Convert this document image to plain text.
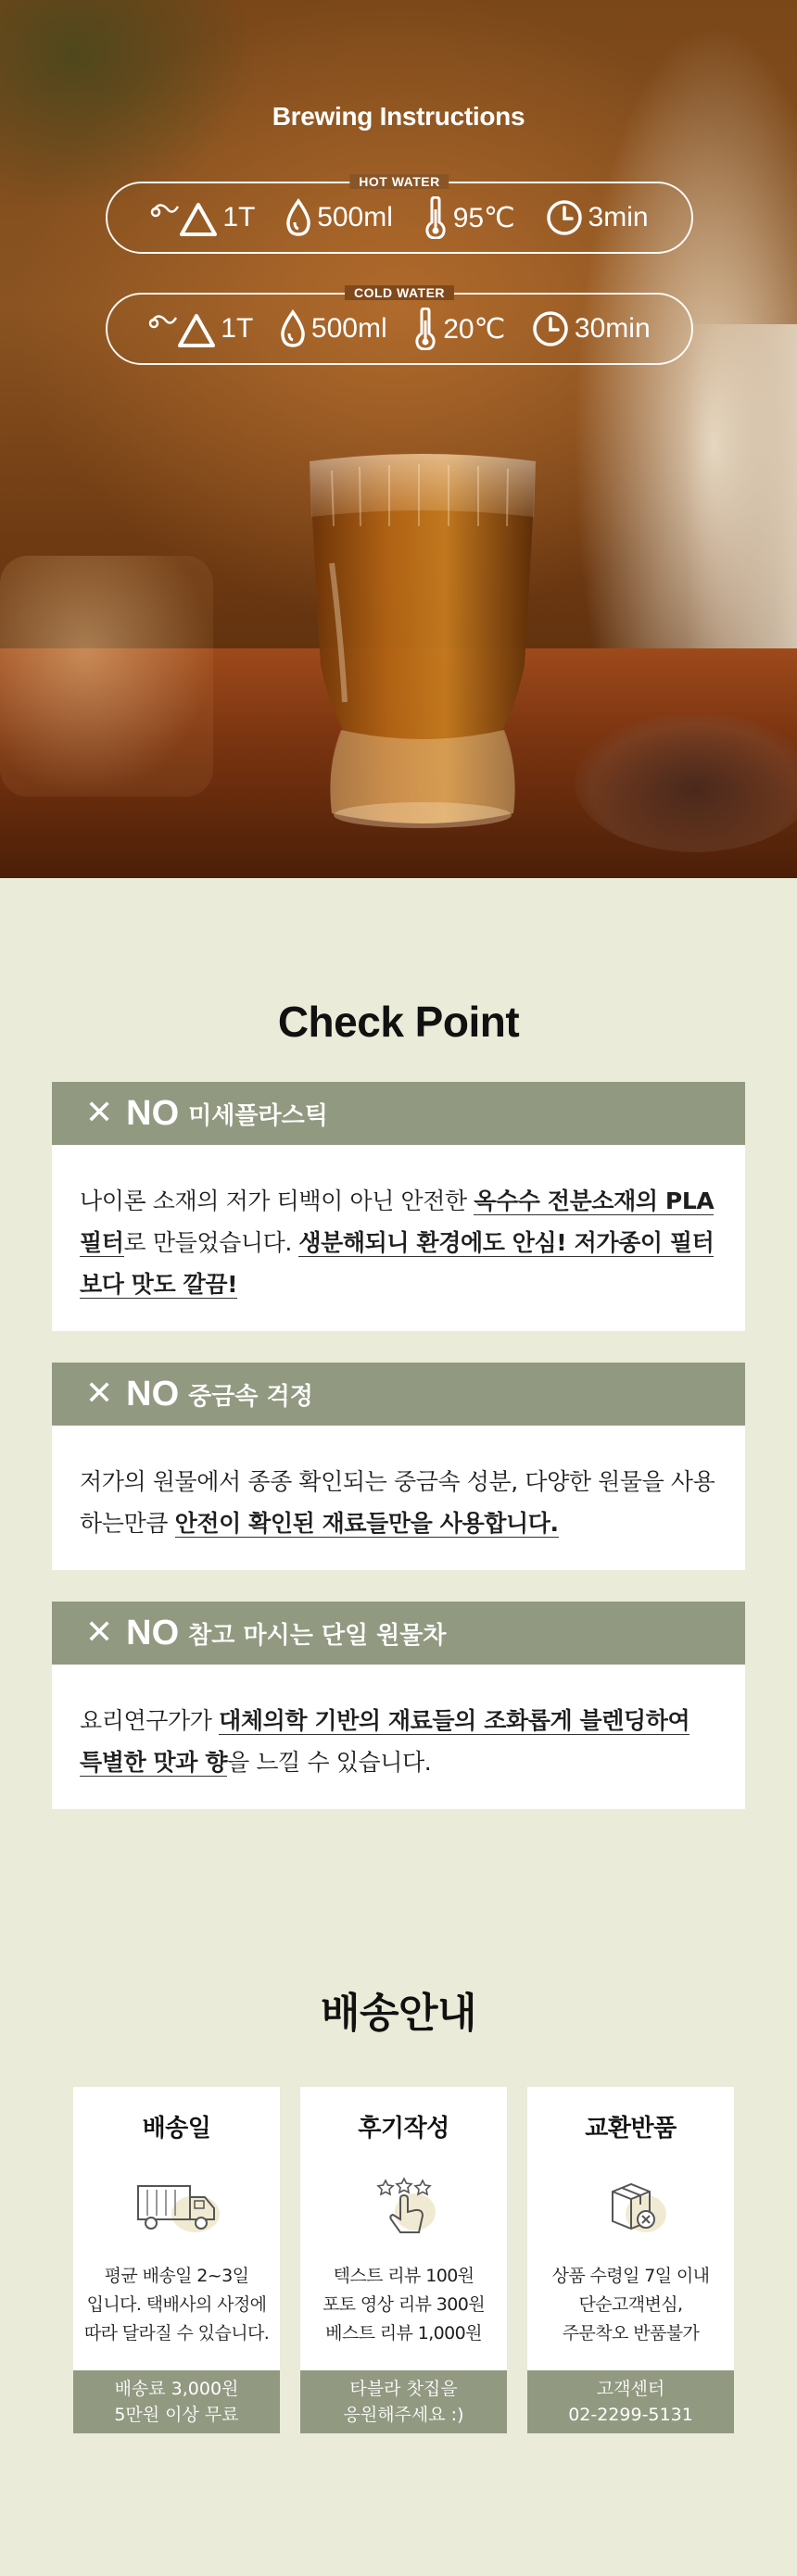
Brewing Instructions
HOT WATER
1T 500ml 95℃	3min
COLD WATER
1T 500ml 20℃ 30min
Check Point
✕ NO 미세플라스틱
나이론 소재의 저가 티백이 아닌 안전한 옥수수 전분소재의 PLA 필터로 만들었습니다. 생분해되니 환경에도 안심! 저가종이 필터보다 맛도 깔끔!
✕ NO 중금속 걱정
저가의 원물에서 종종 확인되는 중금속 성분, 다양한 원물을 사용하는만큼 안전이 확인된 재료들만을 사용합니다.
✕ NO 참고 마시는 단일 원물차
요리연구가가 대체의학 기반의 재료들의 조화롭게 블렌딩하여 특별한 맛과 향을 느낄 수 있습니다.
배송안내
배송일
평균 배송일 2~3일
입니다. 택배사의 사정에
따라 달라질 수 있습니다.
배송료 3,000원
5만원 이상 무료
후기작성
텍스트 리뷰 100원
포토 영상 리뷰 300원
베스트 리뷰 1,000원
타블라 찻집을
응원해주세요 :)
교환반품
상품 수령일 7일 이내
단순고객변심,
주문착오 반품불가
고객센터
02-2299-5131
